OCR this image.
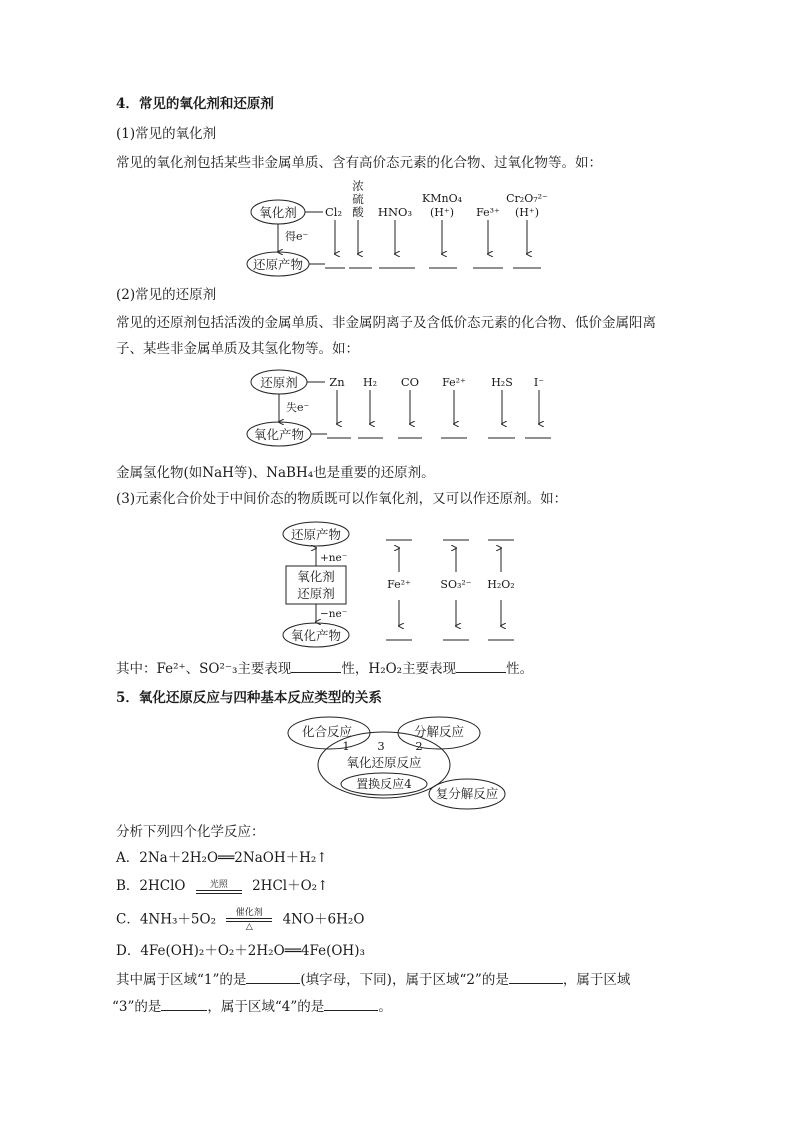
4．常见的氧化剂和还原剂
(1)常见的氧化剂
常见的氧化剂包括某些非金属单质、含有高价态元素的化合物、过氧化物等。如：
氧化剂
得e⁻
还原产物
Cl₂
浓
硫
酸 HNO₃
KMnO₄
(H⁺) Fe³⁺
Cr₂O₇²⁻
(H⁺)
(2)常见的还原剂
常见的还原剂包括活泼的金属单质、非金属阴离子及含低价态元素的化合物、低价金属阳离
子、某些非金属单质及其氢化物等。如：
还原剂
失e⁻
氧化产物
Zn H₂ CO Fe²⁺ H₂S I⁻
金属氢化物(如NaH等)、NaBH₄也是重要的还原剂。
(3)元素化合价处于中间价态的物质既可以作氧化剂，又可以作还原剂。如：
还原产物
+ne⁻
氧化剂
还原剂
−ne⁻
氧化产物
Fe²⁺	SO₃²⁻ H₂O₂
其中：Fe²⁺、SO²⁻₃主要表现	性，H₂O₂主要表现	性。
5．氧化还原反应与四种基本反应类型的关系
化合反应	分解反应
1 3	2
氧化还原反应
置换反应4
复分解反应
分析下列四个化学反应：
A．2Na＋2H₂O══2NaOH＋H₂↑
B．2HClO	光照	2HCl＋O₂↑
C．4NH₃＋5O₂	催化剂
△	4NO＋6H₂O
D．4Fe(OH)₂＋O₂＋2H₂O══4Fe(OH)₃
其中属于区域“1”的是	(填字母，下同)，属于区域“2”的是	，属于区域
“3”的是	，属于区域“4”的是	。
